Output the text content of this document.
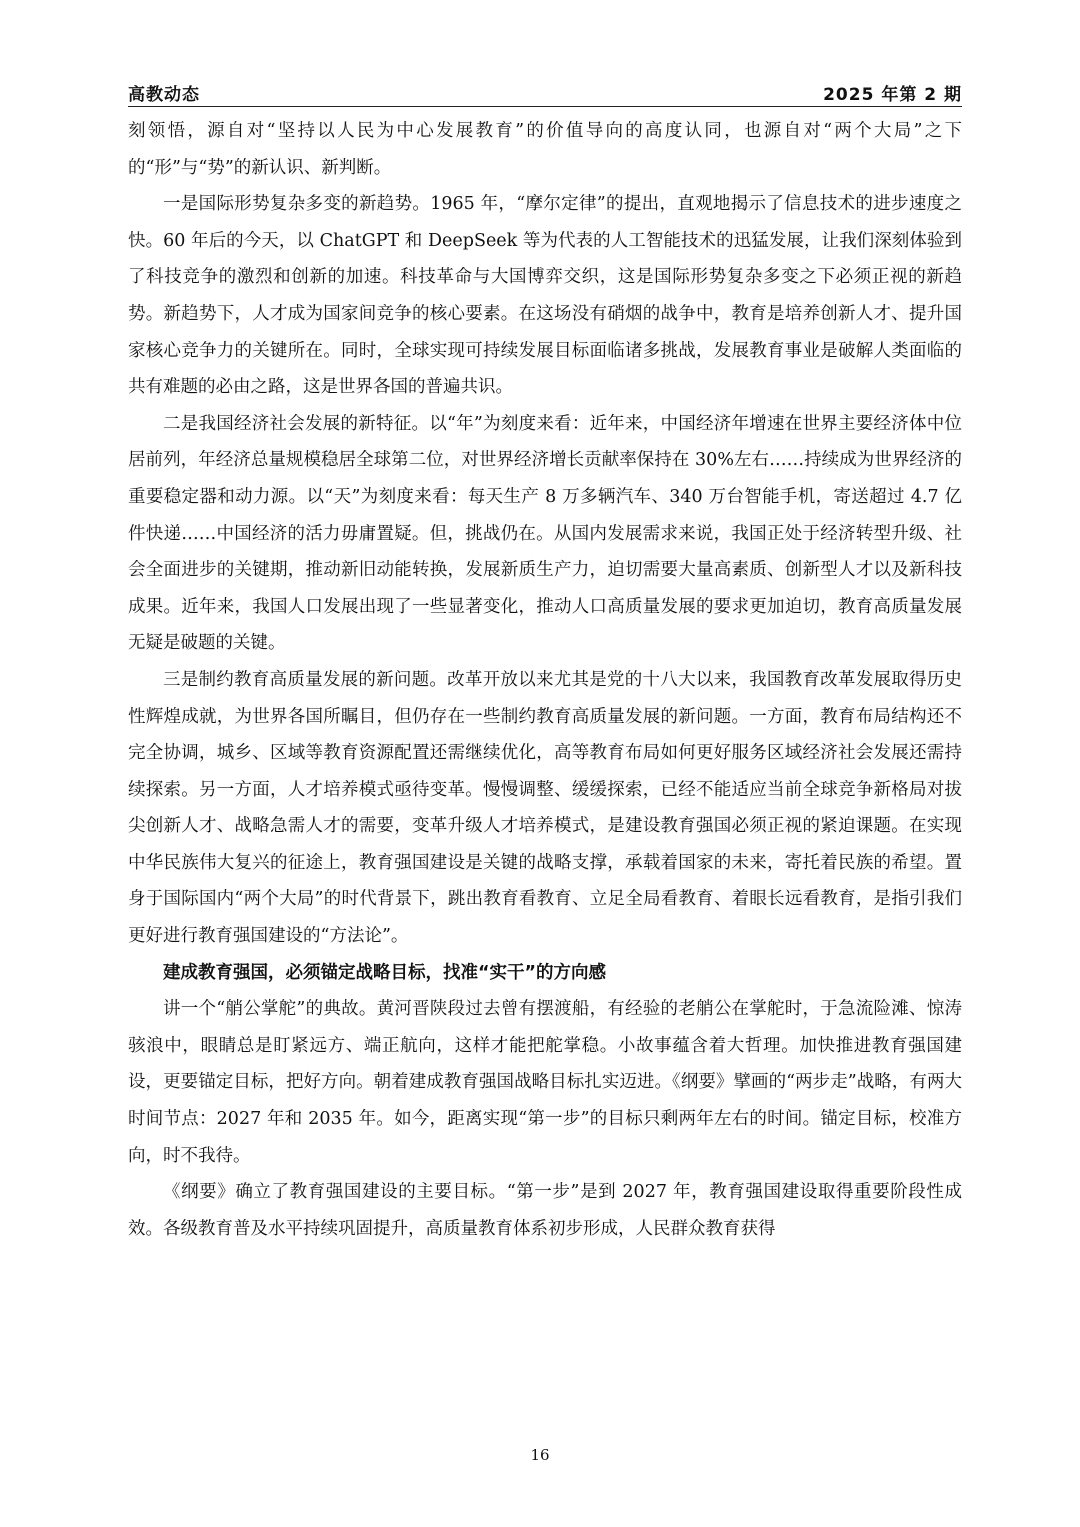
高教动态	2025 年第 2 期

刻领悟，源自对“坚持以人民为中心发展教育”的价值导向的高度认同，也源自对“两个大局”之下的“形”与“势”的新认识、新判断。

一是国际形势复杂多变的新趋势。1965 年，“摩尔定律”的提出，直观地揭示了信息技术的进步速度之快。60 年后的今天，以 ChatGPT 和 DeepSeek 等为代表的人工智能技术的迅猛发展，让我们深刻体验到了科技竞争的激烈和创新的加速。科技革命与大国博弈交织，这是国际形势复杂多变之下必须正视的新趋势。新趋势下，人才成为国家间竞争的核心要素。在这场没有硝烟的战争中，教育是培养创新人才、提升国家核心竞争力的关键所在。同时，全球实现可持续发展目标面临诸多挑战，发展教育事业是破解人类面临的共有难题的必由之路，这是世界各国的普遍共识。

二是我国经济社会发展的新特征。以“年”为刻度来看：近年来，中国经济年增速在世界主要经济体中位居前列，年经济总量规模稳居全球第二位，对世界经济增长贡献率保持在 30%左右……持续成为世界经济的重要稳定器和动力源。以“天”为刻度来看：每天生产 8 万多辆汽车、340 万台智能手机，寄送超过 4.7 亿件快递……中国经济的活力毋庸置疑。但，挑战仍在。从国内发展需求来说，我国正处于经济转型升级、社会全面进步的关键期，推动新旧动能转换，发展新质生产力，迫切需要大量高素质、创新型人才以及新科技成果。近年来，我国人口发展出现了一些显著变化，推动人口高质量发展的要求更加迫切，教育高质量发展无疑是破题的关键。

三是制约教育高质量发展的新问题。改革开放以来尤其是党的十八大以来，我国教育改革发展取得历史性辉煌成就，为世界各国所瞩目，但仍存在一些制约教育高质量发展的新问题。一方面，教育布局结构还不完全协调，城乡、区域等教育资源配置还需继续优化，高等教育布局如何更好服务区域经济社会发展还需持续探索。另一方面，人才培养模式亟待变革。慢慢调整、缓缓探索，已经不能适应当前全球竞争新格局对拔尖创新人才、战略急需人才的需要，变革升级人才培养模式，是建设教育强国必须正视的紧迫课题。在实现中华民族伟大复兴的征途上，教育强国建设是关键的战略支撑，承载着国家的未来，寄托着民族的希望。置身于国际国内“两个大局”的时代背景下，跳出教育看教育、立足全局看教育、着眼长远看教育，是指引我们更好进行教育强国建设的“方法论”。

建成教育强国，必须锚定战略目标，找准“实干”的方向感

讲一个“艄公掌舵”的典故。黄河晋陕段过去曾有摆渡船，有经验的老艄公在掌舵时，于急流险滩、惊涛骇浪中，眼睛总是盯紧远方、端正航向，这样才能把舵掌稳。小故事蕴含着大哲理。加快推进教育强国建设，更要锚定目标，把好方向。朝着建成教育强国战略目标扎实迈进。《纲要》擘画的“两步走”战略，有两大时间节点：2027 年和 2035 年。如今，距离实现“第一步”的目标只剩两年左右的时间。锚定目标，校准方向，时不我待。

《纲要》确立了教育强国建设的主要目标。“第一步”是到 2027 年，教育强国建设取得重要阶段性成效。各级教育普及水平持续巩固提升，高质量教育体系初步形成，人民群众教育获得

16
